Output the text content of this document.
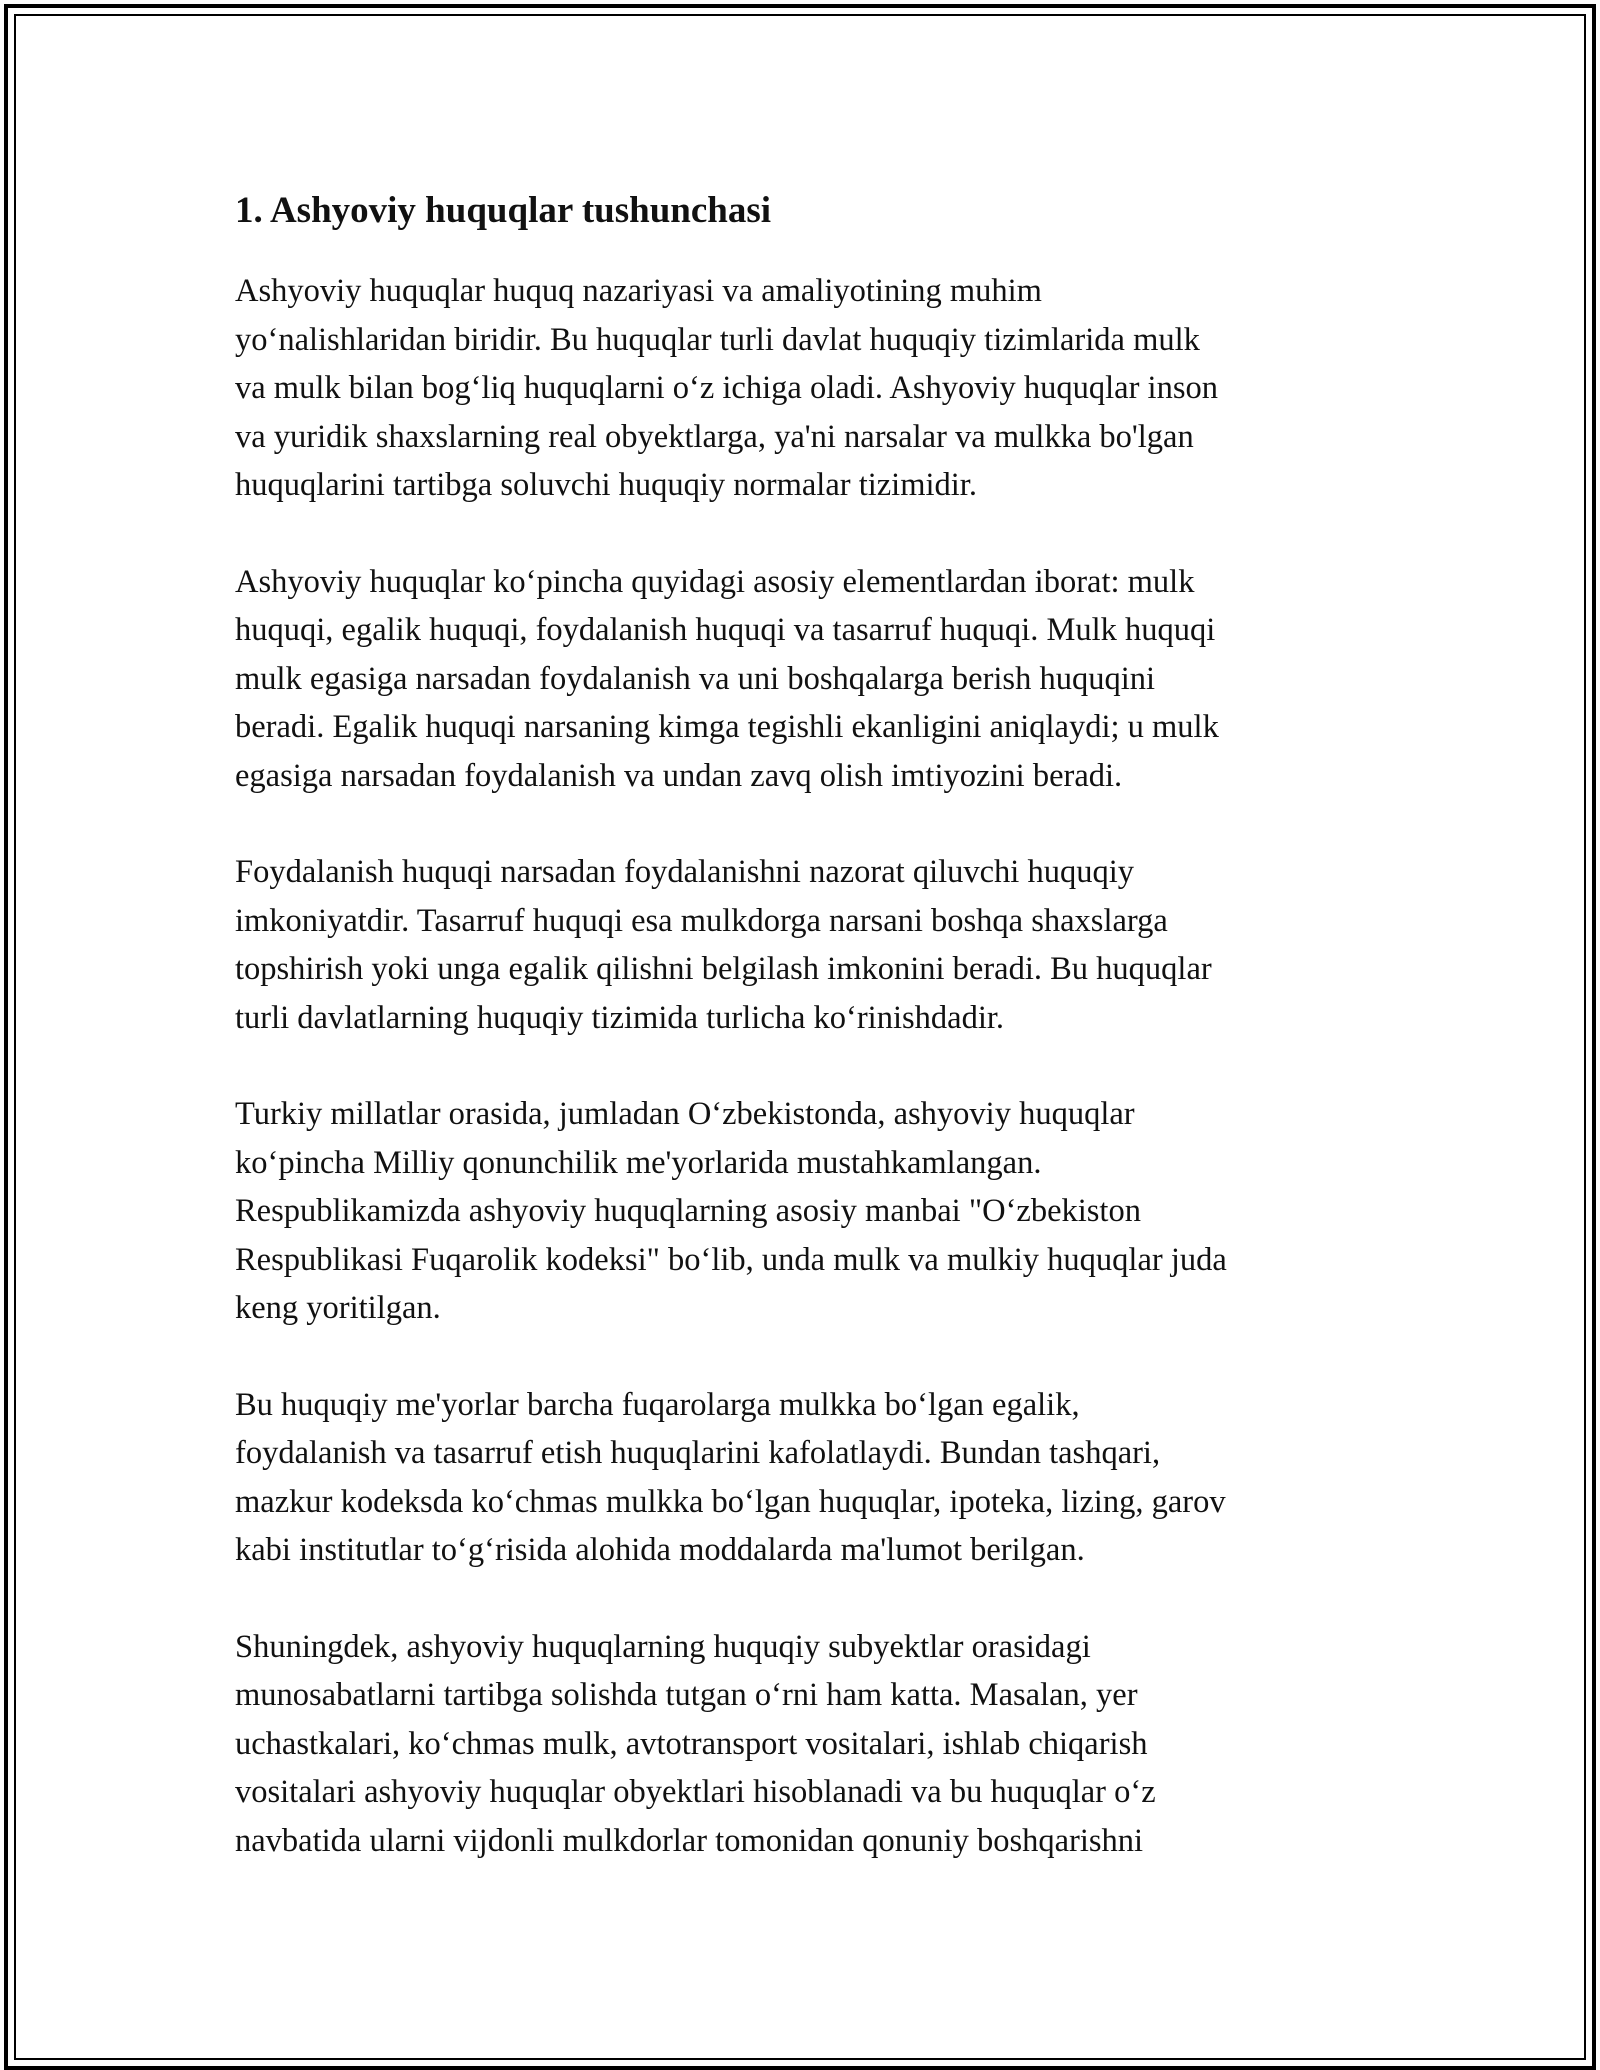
1. Ashyoviy huquqlar tushunchasi

Ashyoviy huquqlar huquq nazariyasi va amaliyotining muhim
yo‘nalishlaridan biridir. Bu huquqlar turli davlat huquqiy tizimlarida mulk
va mulk bilan bog‘liq huquqlarni o‘z ichiga oladi. Ashyoviy huquqlar inson
va yuridik shaxslarning real obyektlarga, ya'ni narsalar va mulkka bo'lgan
huquqlarini tartibga soluvchi huquqiy normalar tizimidir.

Ashyoviy huquqlar ko‘pincha quyidagi asosiy elementlardan iborat: mulk
huquqi, egalik huquqi, foydalanish huquqi va tasarruf huquqi. Mulk huquqi
mulk egasiga narsadan foydalanish va uni boshqalarga berish huquqini
beradi. Egalik huquqi narsaning kimga tegishli ekanligini aniqlaydi; u mulk
egasiga narsadan foydalanish va undan zavq olish imtiyozini beradi.

Foydalanish huquqi narsadan foydalanishni nazorat qiluvchi huquqiy
imkoniyatdir. Tasarruf huquqi esa mulkdorga narsani boshqa shaxslarga
topshirish yoki unga egalik qilishni belgilash imkonini beradi. Bu huquqlar
turli davlatlarning huquqiy tizimida turlicha ko‘rinishdadir.

Turkiy millatlar orasida, jumladan O‘zbekistonda, ashyoviy huquqlar
ko‘pincha Milliy qonunchilik me'yorlarida mustahkamlangan.
Respublikamizda ashyoviy huquqlarning asosiy manbai "O‘zbekiston
Respublikasi Fuqarolik kodeksi" bo‘lib, unda mulk va mulkiy huquqlar juda
keng yoritilgan.

Bu huquqiy me'yorlar barcha fuqarolarga mulkka bo‘lgan egalik,
foydalanish va tasarruf etish huquqlarini kafolatlaydi. Bundan tashqari,
mazkur kodeksda ko‘chmas mulkka bo‘lgan huquqlar, ipoteka, lizing, garov
kabi institutlar to‘g‘risida alohida moddalarda ma'lumot berilgan.

Shuningdek, ashyoviy huquqlarning huquqiy subyektlar orasidagi
munosabatlarni tartibga solishda tutgan o‘rni ham katta. Masalan, yer
uchastkalari, ko‘chmas mulk, avtotransport vositalari, ishlab chiqarish
vositalari ashyoviy huquqlar obyektlari hisoblanadi va bu huquqlar o‘z
navbatida ularni vijdonli mulkdorlar tomonidan qonuniy boshqarishni
